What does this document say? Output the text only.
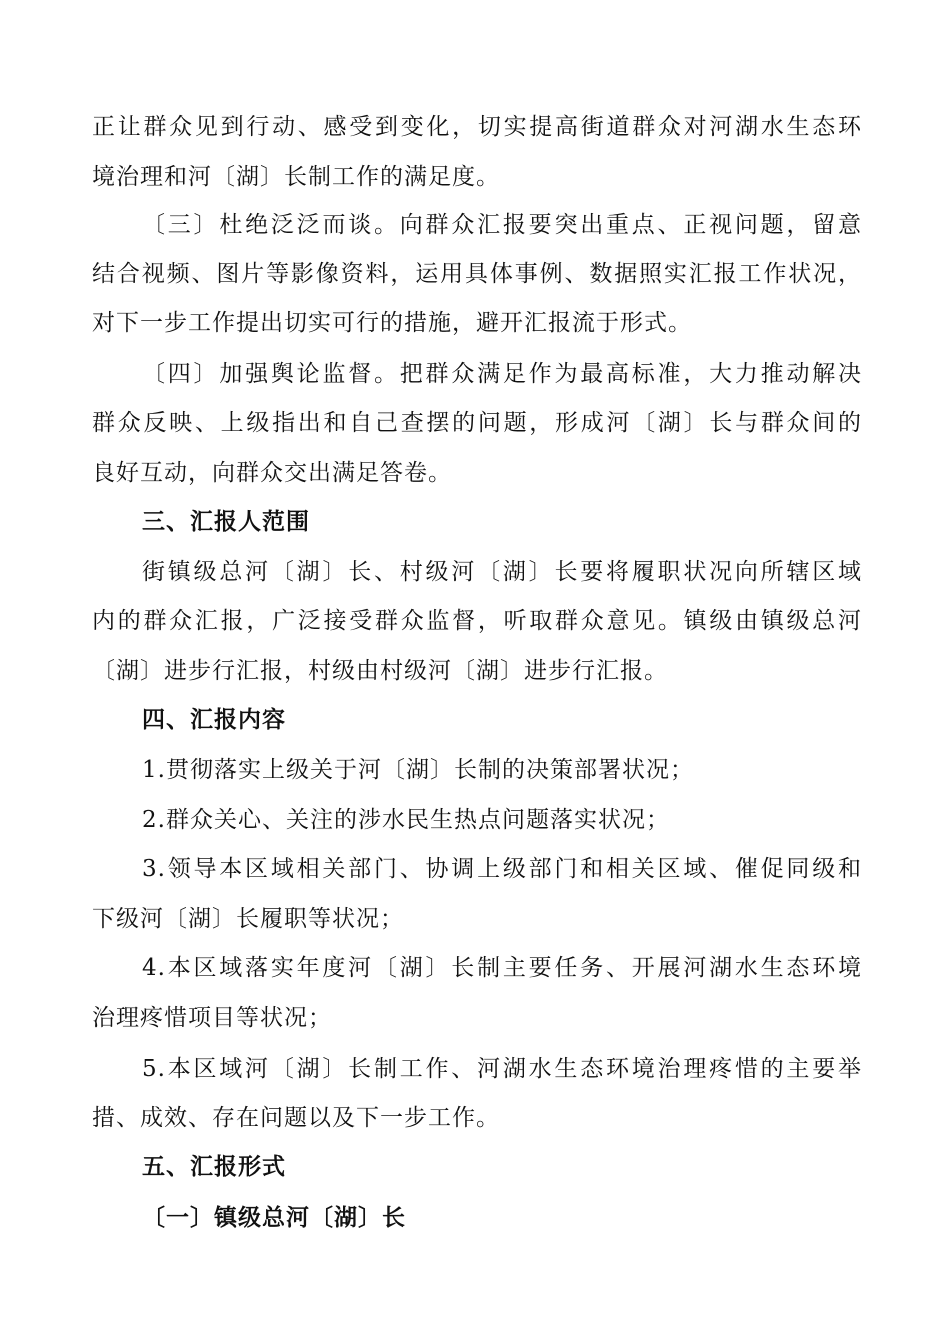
正让群众见到行动、感受到变化，切实提高街道群众对河湖水生态环
境治理和河〔湖〕长制工作的满足度。
〔三〕杜绝泛泛而谈。向群众汇报要突出重点、正视问题，留意
结合视频、图片等影像资料，运用具体事例、数据照实汇报工作状况，
对下一步工作提出切实可行的措施，避开汇报流于形式。
〔四〕加强舆论监督。把群众满足作为最高标准，大力推动解决
群众反映、上级指出和自己查摆的问题，形成河〔湖〕长与群众间的
良好互动，向群众交出满足答卷。
三、汇报人范围
街镇级总河〔湖〕长、村级河〔湖〕长要将履职状况向所辖区域
内的群众汇报，广泛接受群众监督，听取群众意见。镇级由镇级总河
〔湖〕进步行汇报，村级由村级河〔湖〕进步行汇报。
四、汇报内容
1.贯彻落实上级关于河〔湖〕长制的决策部署状况；
2.群众关心、关注的涉水民生热点问题落实状况；
3.领导本区域相关部门、协调上级部门和相关区域、催促同级和
下级河〔湖〕长履职等状况；
4.本区域落实年度河〔湖〕长制主要任务、开展河湖水生态环境
治理疼惜项目等状况；
5.本区域河〔湖〕长制工作、河湖水生态环境治理疼惜的主要举
措、成效、存在问题以及下一步工作。
五、汇报形式
〔一〕镇级总河〔湖〕长
